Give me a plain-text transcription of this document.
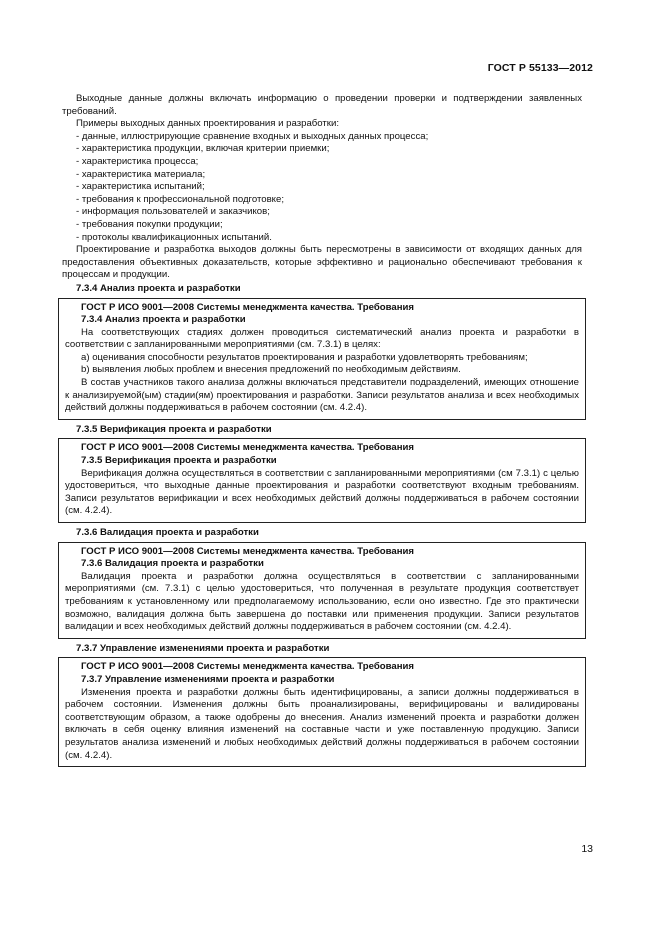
ГОСТ Р 55133—2012

Выходные данные должны включать информацию о проведении проверки и подтверждении заявленных требований.

Примеры выходных данных проектирования и разработки:

- данные, иллюстрирующие сравнение входных и выходных данных процесса;

- характеристика продукции, включая критерии приемки;

- характеристика процесса;

- характеристика материала;

- характеристика испытаний;

- требования к профессиональной подготовке;

- информация пользователей и заказчиков;

- требования покупки продукции;

- протоколы квалификационных испытаний.

Проектирование и разработка выходов должны быть пересмотрены в зависимости от входящих данных для предоставления объективных доказательств, которые эффективно и рационально обеспечивают требования к процессам и продукции.

7.3.4 Анализ проекта и разработки
ГОСТ Р ИСО 9001—2008 Системы менеджмента качества. Требования
7.3.4 Анализ проекта и разработки

На соответствующих стадиях должен проводиться систематический анализ проекта и разработки в соответствии с запланированными мероприятиями (см. 7.3.1) в целях:

a) оценивания способности результатов проектирования и разработки удовлетворять требованиям;

b) выявления любых проблем и внесения предложений по необходимым действиям.

В состав участников такого анализа должны включаться представители подразделений, имеющих отношение к анализируемой(ым) стадии(ям) проектирования и разработки. Записи результатов анализа и всех необходимых действий должны поддерживаться в рабочем состоянии (см. 4.2.4).

7.3.5 Верификация проекта и разработки
ГОСТ Р ИСО 9001—2008 Системы менеджмента качества. Требования
7.3.5 Верификация проекта и разработки

Верификация должна осуществляться в соответствии с запланированными мероприятиями (см 7.3.1) с целью удостовериться, что выходные данные проектирования и разработки соответствуют входным требованиям. Записи результатов верификации и всех необходимых действий должны поддерживаться в рабочем состоянии (см. 4.2.4).

7.3.6 Валидация проекта и разработки
ГОСТ Р ИСО 9001—2008 Системы менеджмента качества. Требования
7.3.6 Валидация проекта и разработки

Валидация проекта и разработки должна осуществляться в соответствии с запланированными мероприятиями (см. 7.3.1) с целью удостовериться, что полученная в результате продукция соответствует требованиям к установленному или предполагаемому использованию, если оно известно. Где это практически возможно, валидация должна быть завершена до поставки или применения продукции. Записи результатов валидации и всех необходимых действий должны поддерживаться в рабочем состоянии (см. 4.2.4).

7.3.7 Управление изменениями проекта и разработки
ГОСТ Р ИСО 9001—2008 Системы менеджмента качества. Требования
7.3.7 Управление изменениями проекта и разработки

Изменения проекта и разработки должны быть идентифицированы, а записи должны поддерживаться в рабочем состоянии. Изменения должны быть проанализированы, верифицированы и валидированы соответствующим образом, а также одобрены до внесения. Анализ изменений проекта и разработки должен включать в себя оценку влияния изменений на составные части и уже поставленную продукцию. Записи результатов анализа изменений и любых необходимых действий должны поддерживаться в рабочем состоянии (см. 4.2.4).

13
